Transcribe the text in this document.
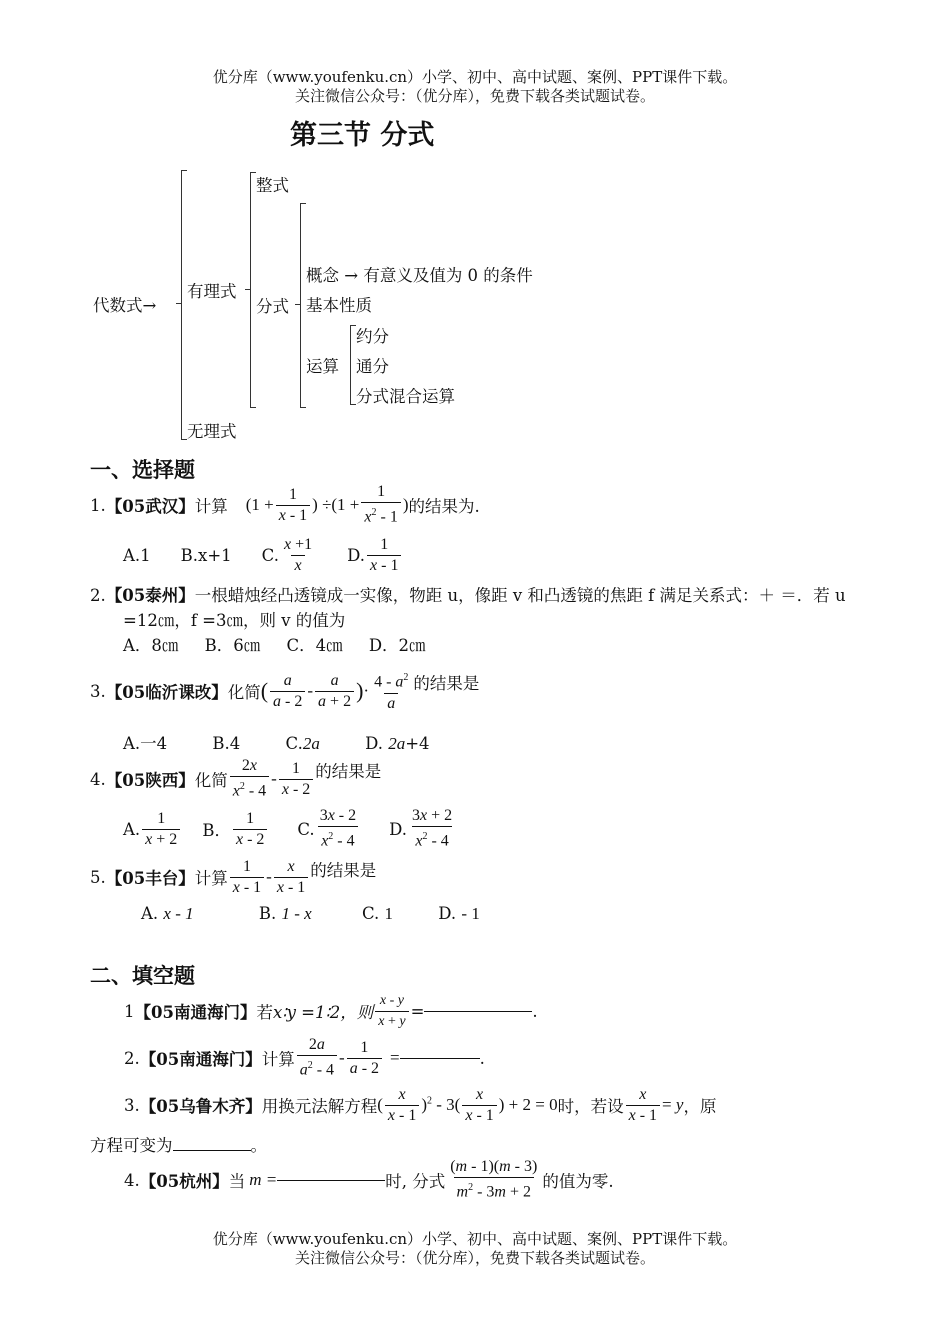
优分库（www.youfenku.cn）小学、初中、高中试题、案例、PPT课件下载。
关注微信公众号：（优分库），免费下载各类试题试卷。
第三节 分式
代数式→
有理式
无理式
整式
分式
概念 → 有意义及值为 0 的条件
基本性质
运算
约分
通分
分式混合运算
一、选择题
1. 【05武汉】 计算 ($1 + \frac{1}{x - 1}$ ) $\div(1 + \frac{1}{x^2 - 1}$ ) 的结果为.
A.1 B.x+1 C. $\frac{x +1}{x} D$. $\frac{1}{x - 1}$
2.【05泰州】一根蜡烛经凸透镜成一实像，物距 u，像距 v 和凸透镜的焦距 f 满足关系式：＋ ＝．若 u
=12㎝，f =3㎝，则 v 的值为
A．8㎝     B．6㎝     C．4㎝     D．2㎝
3. 【05临沂课改】 化简 ( $\frac{a}{a - 2} - \frac{a}{a + 2}$ ) · $\frac{4 - a^2}{a}$ 的结果是
A.一4	B.4	C.2a	D. 2a+4
4. 【05陕西】 化简 $\frac{2x}{x^2 - 4} - \frac{1}{x - 2}$ 的结果是
A. $\frac{1}{x + 2}$ B． $\frac{1}{x - 2} C$. $\frac{3x - 2}{x^2 - 4} D$. $\frac{3x + 2}{x^2 - 4}$
5. 【05丰台】 计算 $\frac{1}{x - 1} - \frac{x}{x - 1}$ 的结果是
A. x - 1	B. 1 - x	C. 1	D. - 1
二、填空题
1 【05南通海门】 若 x∶y =1∶2，则 $\frac{x - y}{x + y}$ =	.
2. 【05南通海门】 计算 $\frac{2a}{a^2 - 4} - \frac{1}{a - 2}$ =	.
3. 【05乌鲁木齐】 用换元法解方程 ( $\frac{x}{x - 1} )^2 - 3( \frac{x}{x - 1}$ ) + 2 = 0 时，若设 $\frac{x}{x - 1} = y$ ，原
方程可变为	。
4. 【05杭州】 当 m =	时, 分式 $\frac{(m - 1)(m - 3)}{m^2 - 3m + 2}$ 的值为零.
优分库（www.youfenku.cn）小学、初中、高中试题、案例、PPT课件下载。
关注微信公众号：（优分库），免费下载各类试题试卷。
